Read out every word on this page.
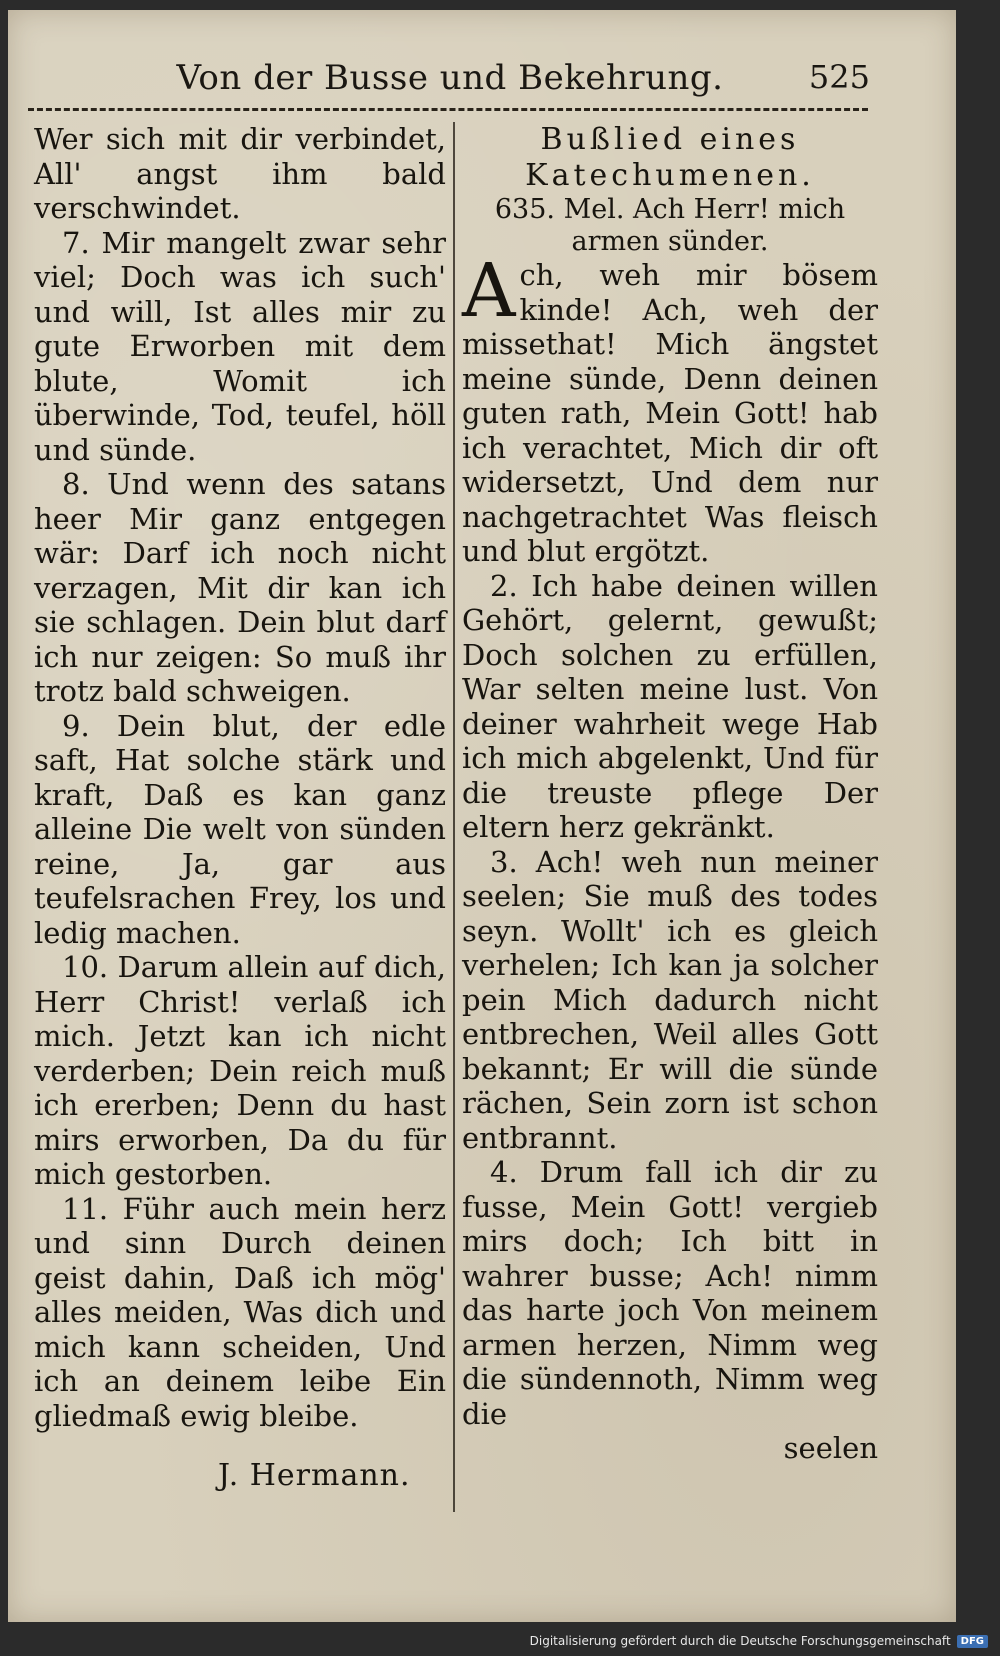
Von der Busse und Bekehrung.	525

Wer sich mit dir verbindet, All' angst ihm bald verschwindet.

7. Mir mangelt zwar sehr viel; Doch was ich such' und will, Ist alles mir zu gute Erworben mit dem blute, Womit ich überwinde, Tod, teufel, höll und sünde.

8. Und wenn des satans heer Mir ganz entgegen wär: Darf ich noch nicht verzagen, Mit dir kan ich sie schlagen. Dein blut darf ich nur zeigen: So muß ihr trotz bald schweigen.

9. Dein blut, der edle saft, Hat solche stärk und kraft, Daß es kan ganz alleine Die welt von sünden reine, Ja, gar aus teufelsrachen Frey, los und ledig machen.

10. Darum allein auf dich, Herr Christ! verlaß ich mich. Jetzt kan ich nicht verderben; Dein reich muß ich ererben; Denn du hast mirs erworben, Da du für mich gestorben.

11. Führ auch mein herz und sinn Durch deinen geist dahin, Daß ich mög' alles meiden, Was dich und mich kann scheiden, Und ich an deinem leibe Ein gliedmaß ewig bleibe.

Bußlied eines Katechumenen.

635. Mel. Ach Herr! mich armen sünder.

Ach, weh mir bösem kinde! Ach, weh der missethat! Mich ängstet meine sünde, Denn deinen guten rath, Mein Gott! hab ich verachtet, Mich dir oft widersetzt, Und dem nur nachgetrachtet Was fleisch und blut ergötzt.

2. Ich habe deinen willen Gehört, gelernt, gewußt; Doch solchen zu erfüllen, War selten meine lust. Von deiner wahrheit wege Hab ich mich abgelenkt, Und für die treuste pflege Der eltern herz gekränkt.

3. Ach! weh nun meiner seelen; Sie muß des todes seyn. Wollt' ich es gleich verhelen; Ich kan ja solcher pein Mich dadurch nicht entbrechen, Weil alles Gott bekannt; Er will die sünde rächen, Sein zorn ist schon entbrannt.

4. Drum fall ich dir zu fusse, Mein Gott! vergieb mirs doch; Ich bitt in wahrer busse; Ach! nimm das harte joch Von meinem armen herzen, Nimm weg die sündennoth, Nimm weg die

seelen

J. Hermann.
Digitalisierung gefördert durch die Deutsche Forschungsgemeinschaft	DFG
